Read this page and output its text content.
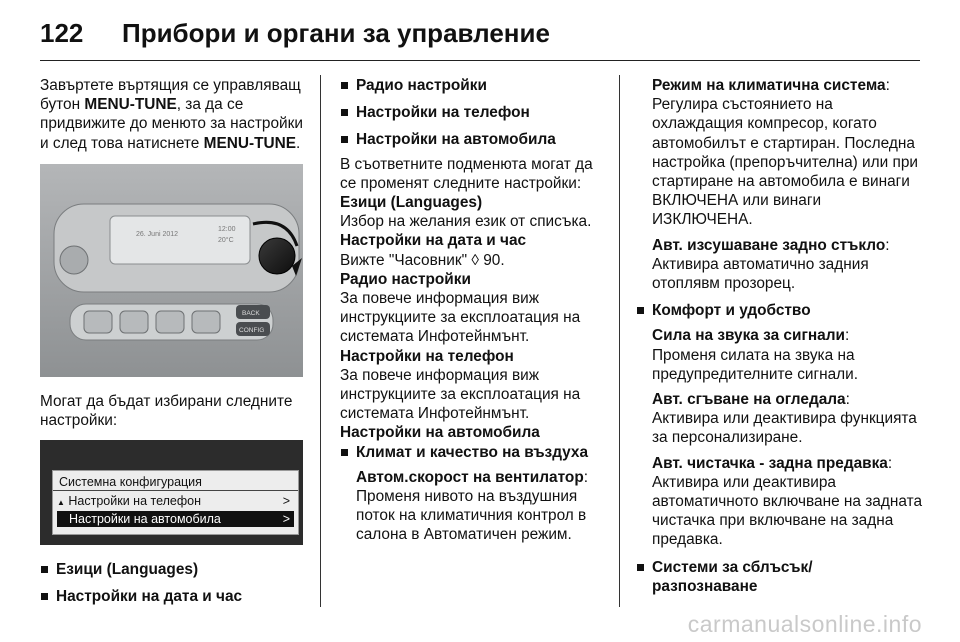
122 Прибори и органи за управление

Завъртете въртящия се управляващ бутон MENU-TUNE, за да се придвижите до менюто за настройки и след това натиснете MENU-TUNE.

26. Juni 2012
12:00
20°C
BACK
CONFIG

Могат да бъдат избирани следните настройки:

Системна конфигурация
▲ Настройки на телефон	>
Настройки на автомобила	>
Езици (Languages)
Настройки на дата и час
Радио настройки
Настройки на телефон
Настройки на автомобила

В съответните подменюта могат да се променят следните настройки:

Езици (Languages)

Избор на желания език от списъка.

Настройки на дата и час

Вижте "Часовник" ◊ 90.

Радио настройки

За повече информация виж инструкциите за експлоатация на системата Инфотейнмънт.

Настройки на телефон

За повече информация виж инструкциите за експлоатация на системата Инфотейнмънт.

Настройки на автомобила

Климат и качество на въздуха

Автом.скорост на вентилатор:

Променя нивото на въздушния поток на климатичния контрол в салона в Автоматичен режим.

Режим на климатична система:

Регулира състоянието на охлаждащия компресор, когато автомобилът е стартиран. Последна настройка (препоръчителна) или при стартиране на автомобила е винаги ВКЛЮЧЕНА или винаги ИЗКЛЮЧЕНА.

Авт. изсушаване задно стъкло:

Активира автоматично задния отоплявм прозорец.

Комфорт и удобство

Сила на звука за сигнали:

Променя силата на звука на предупредителните сигнали.

Авт. сгъване на огледала:

Активира или деактивира функцията за персонализиране.

Авт. чистачка - задна предавка:

Активира или деактивира автоматичното включване на задната чистачка при включване на задна предавка.

Системи за сблъсък/ разпознаване
carmanualsonline.info
